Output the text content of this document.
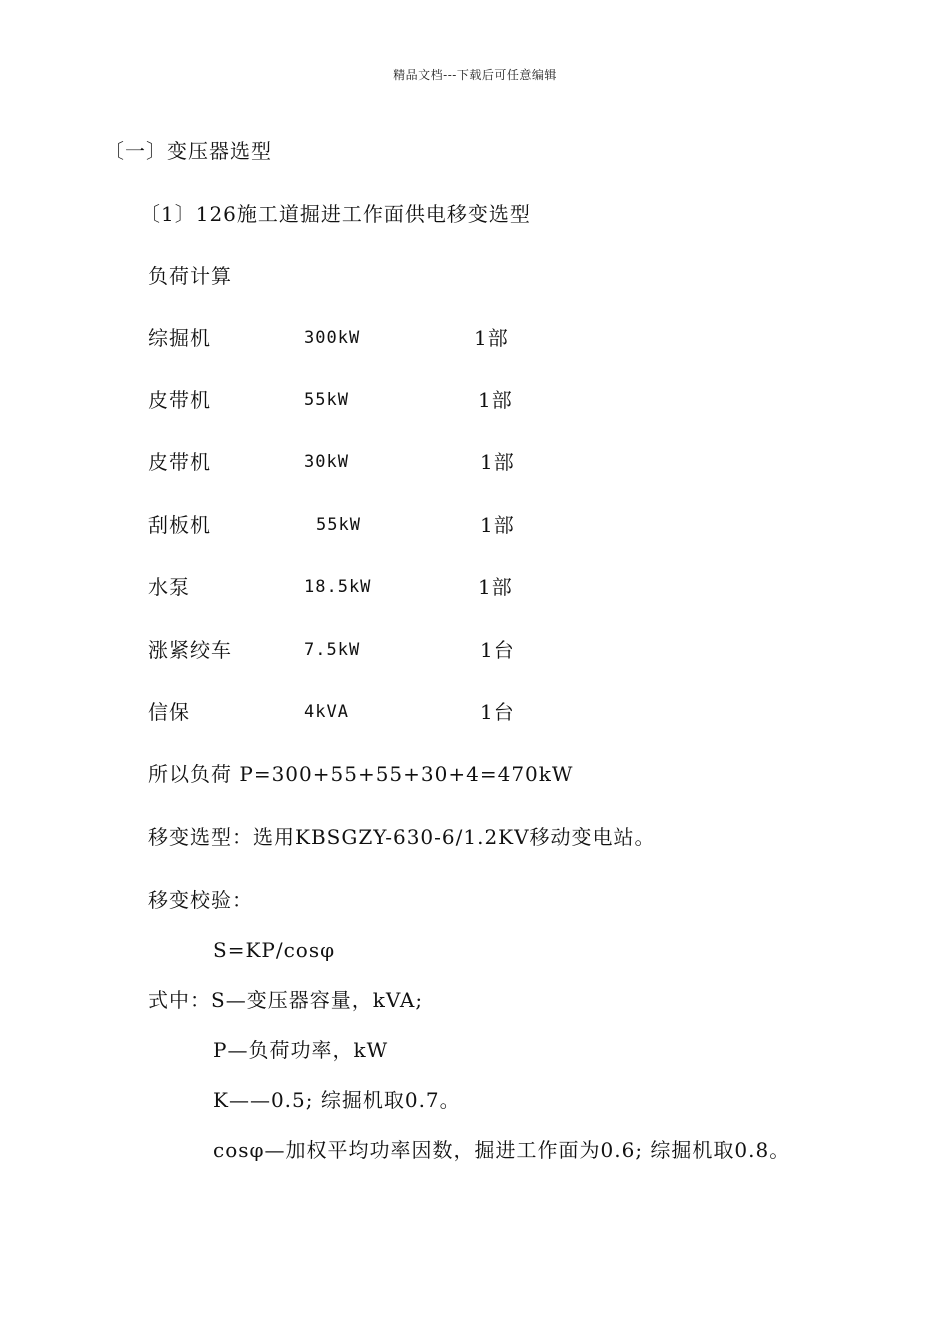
精品文档---下载后可任意编辑
〔一〕变压器选型
〔1〕126施工道掘进工作面供电移变选型
负荷计算
综掘机	300kW	1部
皮带机	55kW	1部
皮带机	30kW	1部
刮板机	55kW	1部
水泵	18.5kW	1部
涨紧绞车	7.5kW	1台
信保	4kVA	1台
所以负荷 P=300+55+55+30+4=470kW
移变选型：选用KBSGZY-630-6/1.2KV移动变电站。
移变校验：
S=KP/cosφ
式中：S—变压器容量，kVA;
P—负荷功率，kW
K——0.5; 综掘机取0.7。
cosφ—加权平均功率因数，掘进工作面为0.6; 综掘机取0.8。
